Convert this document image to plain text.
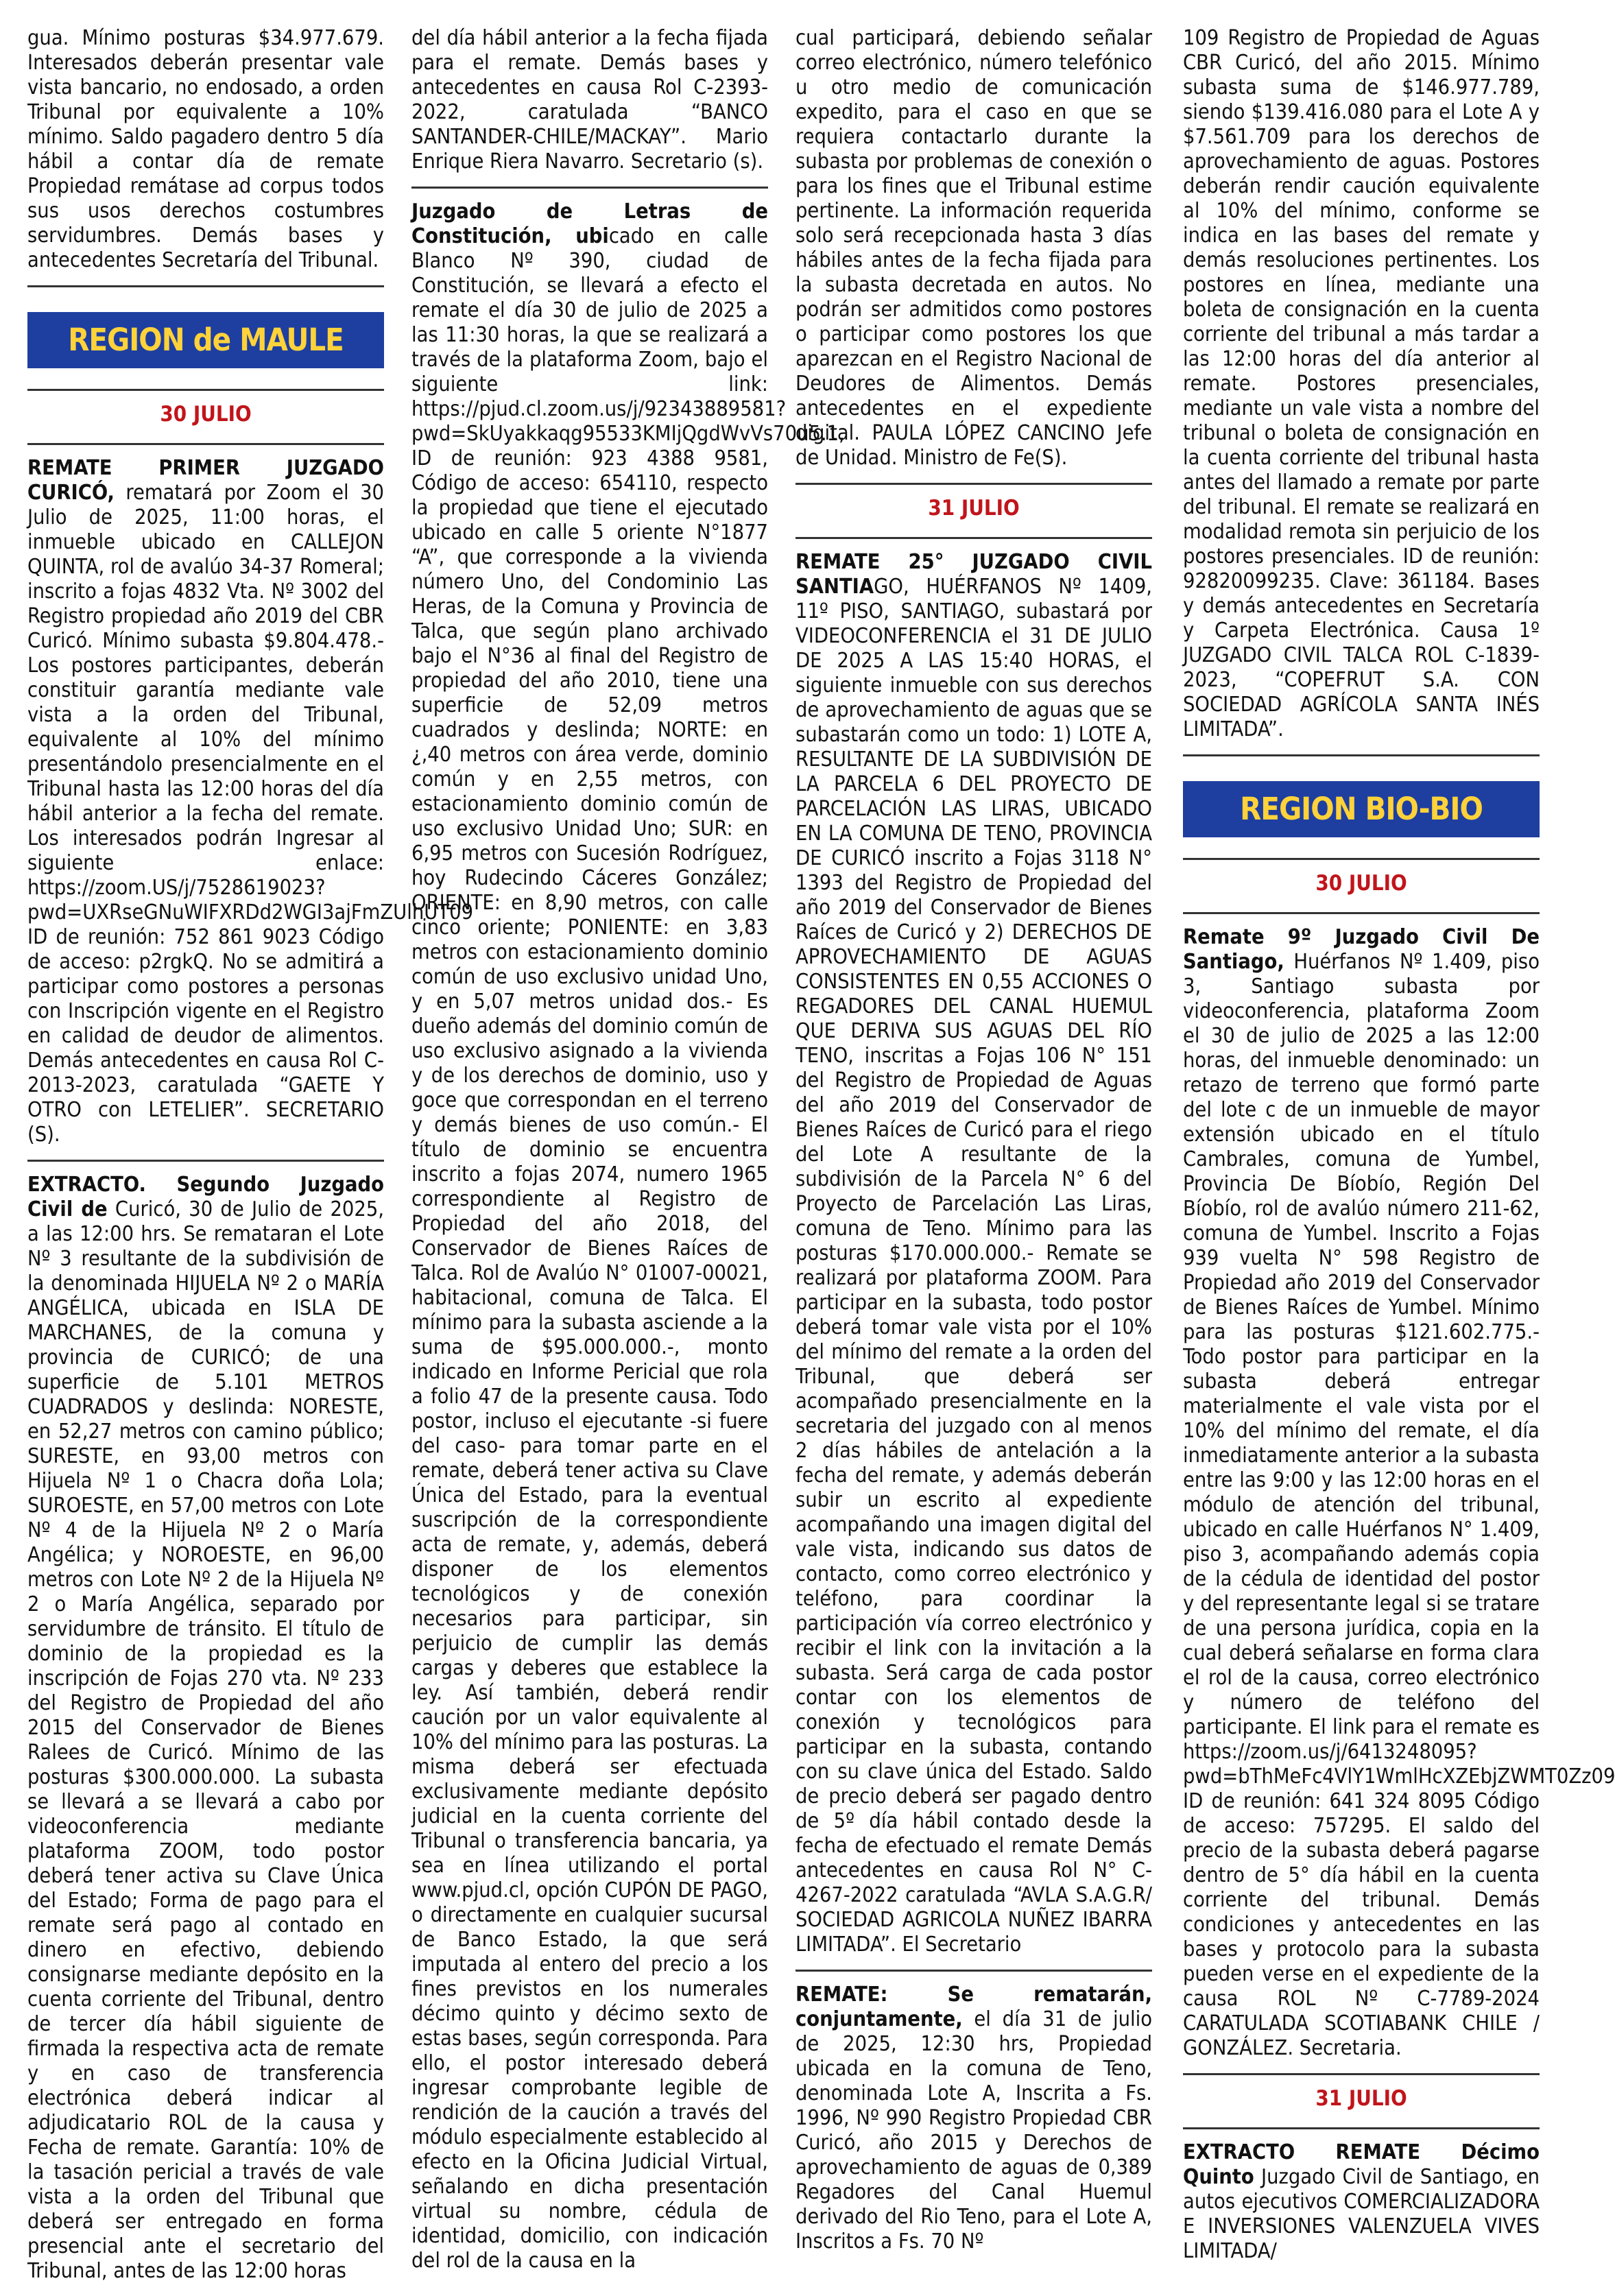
gua. Mínimo posturas $34.977.679. Interesados deberán presentar vale vista bancario, no endosado, a orden Tribunal por equivalente a 10% mínimo. Saldo pagadero dentro 5 día hábil a contar día de remate Propiedad remátase ad corpus todos sus usos derechos costumbres servidumbres. Demás bases y antecedentes Secretaría del Tribunal.

REGION de MAULE
30 JULIO

REMATE PRIMER JUZGADO CURICÓ, rematará por Zoom el 30 Julio de 2025, 11:00 horas, el inmueble ubicado en CALLEJON QUINTA, rol de avalúo 34-37 Romeral; inscrito a fojas 4832 Vta. Nº 3002 del Registro propiedad año 2019 del CBR Curicó. Mínimo subasta $9.804.478.- Los postores participantes, deberán constituir garantía mediante vale vista a la orden del Tribunal, equivalente al 10% del mínimo presentándolo presencialmente en el Tribunal hasta las 12:00 horas del día hábil anterior a la fecha del remate. Los interesados podrán Ingresar al siguiente enlace: https://zoom.US/j/7528619023?pwd=UXRseGNuWIFXRDd2WGI3ajFmZUlhUT09 ID de reunión: 752 861 9023 Código de acceso: p2rgkQ. No se admitirá a participar como postores a personas con Inscripción vigente en el Registro en calidad de deudor de alimentos. Demás antecedentes en causa Rol C-2013-2023, caratulada “GAETE Y OTRO con LETELIER”. SECRETARIO (S).

EXTRACTO. Segundo Juzgado Civil de Curicó, 30 de Julio de 2025, a las 12:00 hrs. Se remataran el Lote Nº 3 resultante de la subdivisión de la denominada HIJUELA Nº 2 o MARÍA ANGÉLICA, ubicada en ISLA DE MARCHANES, de la comuna y provincia de CURICÓ; de una superficie de 5.101 METROS CUADRADOS y deslinda: NORESTE, en 52,27 metros con camino público; SURESTE, en 93,00 metros con Hijuela Nº 1 o Chacra doña Lola; SUROESTE, en 57,00 metros con Lote Nº 4 de la Hijuela Nº 2 o María Angélica; y NOROESTE, en 96,00 metros con Lote Nº 2 de la Hijuela Nº 2 o María Angélica, separado por servidumbre de tránsito. El título de dominio de la propiedad es la inscripción de Fojas 270 vta. Nº 233 del Registro de Propiedad del año 2015 del Conservador de Bienes Ralees de Curicó. Mínimo de las posturas $300.000.000. La subasta se llevará a se llevará a cabo por videoconferencia mediante plataforma ZOOM, todo postor deberá tener activa su Clave Única del Estado; Forma de pago para el remate será pago al contado en dinero en efectivo, debiendo consignarse mediante depósito en la cuenta corriente del Tribunal, dentro de tercer día hábil siguiente de firmada la respectiva acta de remate y en caso de transferencia electrónica deberá indicar al adjudicatario ROL de la causa y Fecha de remate. Garantía: 10% de la tasación pericial a través de vale vista a la orden del Tribunal que deberá ser entregado en forma presencial ante el secretario del Tribunal, antes de las 12:00 horas

del día hábil anterior a la fecha fijada para el remate. Demás bases y antecedentes en causa Rol C-2393-2022, caratulada “BANCO SANTANDER-CHILE/MACKAY”. Mario Enrique Riera Navarro. Secretario (s).

Juzgado de Letras de Constitución, ubicado en calle Blanco Nº 390, ciudad de Constitución, se llevará a efecto el remate el día 30 de julio de 2025 a las 11:30 horas, la que se realizará a través de la plataforma Zoom, bajo el siguiente link: https://pjud.cl.zoom.us/j/92343889581?pwd=SkUyakkaqg95533KMIjQgdWvVs70u5.1, ID de reunión: 923 4388 9581, Código de acceso: 654110, respecto la propiedad que tiene el ejecutado ubicado en calle 5 oriente N°1877 “A”, que corresponde a la vivienda número Uno, del Condominio Las Heras, de la Comuna y Provincia de Talca, que según plano archivado bajo el N°36 al final del Registro de propiedad del año 2010, tiene una superficie de 52,09 metros cuadrados y deslinda; NORTE: en ¿,40 metros con área verde, dominio común y en 2,55 metros, con estacionamiento dominio común de uso exclusivo Unidad Uno; SUR: en 6,95 metros con Sucesión Rodríguez, hoy Rudecindo Cáceres González; ORIENTE: en 8,90 metros, con calle cinco oriente; PONIENTE: en 3,83 metros con estacionamiento dominio común de uso exclusivo unidad Uno, y en 5,07 metros unidad dos.- Es dueño además del dominio común de uso exclusivo asignado a la vivienda y de los derechos de dominio, uso y goce que correspondan en el terreno y demás bienes de uso común.- El título de dominio se encuentra inscrito a fojas 2074, numero 1965 correspondiente al Registro de Propiedad del año 2018, del Conservador de Bienes Raíces de Talca. Rol de Avalúo N° 01007-00021, habitacional, comuna de Talca. El mínimo para la subasta asciende a la suma de $95.000.000.-, monto indicado en Informe Pericial que rola a folio 47 de la presente causa. Todo postor, incluso el ejecutante -si fuere del caso- para tomar parte en el remate, deberá tener activa su Clave Única del Estado, para la eventual suscripción de la correspondiente acta de remate, y, además, deberá disponer de los elementos tecnológicos y de conexión necesarios para participar, sin perjuicio de cumplir las demás cargas y deberes que establece la ley. Así también, deberá rendir caución por un valor equivalente al 10% del mínimo para las posturas. La misma deberá ser efectuada exclusivamente mediante depósito judicial en la cuenta corriente del Tribunal o transferencia bancaria, ya sea en línea utilizando el portal www.pjud.cl, opción CUPÓN DE PAGO, o directamente en cualquier sucursal de Banco Estado, la que será imputada al entero del precio a los fines previstos en los numerales décimo quinto y décimo sexto de estas bases, según corresponda. Para ello, el postor interesado deberá ingresar comprobante legible de rendición de la caución a través del módulo especialmente establecido al efecto en la Oficina Judicial Virtual, señalando en dicha presentación virtual su nombre, cédula de identidad, domicilio, con indicación del rol de la causa en la

cual participará, debiendo señalar correo electrónico, número telefónico u otro medio de comunicación expedito, para el caso en que se requiera contactarlo durante la subasta por problemas de conexión o para los fines que el Tribunal estime pertinente. La información requerida solo será recepcionada hasta 3 días hábiles antes de la fecha fijada para la subasta decretada en autos. No podrán ser admitidos como postores o participar como postores los que aparezcan en el Registro Nacional de Deudores de Alimentos. Demás antecedentes en el expediente digital. PAULA LÓPEZ CANCINO Jefe de Unidad. Ministro de Fe(S).

31 JULIO

REMATE 25° JUZGADO CIVIL SANTIAGO, HUÉRFANOS Nº 1409, 11º PISO, SANTIAGO, subastará por VIDEOCONFERENCIA el 31 DE JULIO DE 2025 A LAS 15:40 HORAS, el siguiente inmueble con sus derechos de aprovechamiento de aguas que se subastarán como un todo: 1) LOTE A, RESULTANTE DE LA SUBDIVISIÓN DE LA PARCELA 6 DEL PROYECTO DE PARCELACIÓN LAS LIRAS, UBICADO EN LA COMUNA DE TENO, PROVINCIA DE CURICÓ inscrito a Fojas 3118 N° 1393 del Registro de Propiedad del año 2019 del Conservador de Bienes Raíces de Curicó y 2) DERECHOS DE APROVECHAMIENTO DE AGUAS CONSISTENTES EN 0,55 ACCIONES O REGADORES DEL CANAL HUEMUL QUE DERIVA SUS AGUAS DEL RÍO TENO, inscritas a Fojas 106 N° 151 del Registro de Propiedad de Aguas del año 2019 del Conservador de Bienes Raíces de Curicó para el riego del Lote A resultante de la subdivisión de la Parcela N° 6 del Proyecto de Parcelación Las Liras, comuna de Teno. Mínimo para las posturas $170.000.000.- Remate se realizará por plataforma ZOOM. Para participar en la subasta, todo postor deberá tomar vale vista por el 10% del mínimo del remate a la orden del Tribunal, que deberá ser acompañado presencialmente en la secretaria del juzgado con al menos 2 días hábiles de antelación a la fecha del remate, y además deberán subir un escrito al expediente acompañando una imagen digital del vale vista, indicando sus datos de contacto, como correo electrónico y teléfono, para coordinar la participación vía correo electrónico y recibir el link con la invitación a la subasta. Será carga de cada postor contar con los elementos de conexión y tecnológicos para participar en la subasta, contando con su clave única del Estado. Saldo de precio deberá ser pagado dentro de 5º día hábil contado desde la fecha de efectuado el remate Demás antecedentes en causa Rol N° C-4267-2022 caratulada “AVLA S.A.G.R/ SOCIEDAD AGRICOLA NUÑEZ IBARRA LIMITADA”. El Secretario

REMATE: Se rematarán, conjuntamente, el día 31 de julio de 2025, 12:30 hrs, Propiedad ubicada en la comuna de Teno, denominada Lote A, Inscrita a Fs. 1996, Nº 990 Registro Propiedad CBR Curicó, año 2015 y Derechos de aprovechamiento de aguas de 0,389 Regadores del Canal Huemul derivado del Rio Teno, para el Lote A, Inscritos a Fs. 70 Nº

109 Registro de Propiedad de Aguas CBR Curicó, del año 2015. Mínimo subasta suma de $146.977.789, siendo $139.416.080 para el Lote A y $7.561.709 para los derechos de aprovechamiento de aguas. Postores deberán rendir caución equivalente al 10% del mínimo, conforme se indica en las bases del remate y demás resoluciones pertinentes. Los postores en línea, mediante una boleta de consignación en la cuenta corriente del tribunal a más tardar a las 12:00 horas del día anterior al remate. Postores presenciales, mediante un vale vista a nombre del tribunal o boleta de consignación en la cuenta corriente del tribunal hasta antes del llamado a remate por parte del tribunal. El remate se realizará en modalidad remota sin perjuicio de los postores presenciales. ID de reunión: 92820099235. Clave: 361184. Bases y demás antecedentes en Secretaría y Carpeta Electrónica. Causa 1º JUZGADO CIVIL TALCA ROL C-1839-2023, “COPEFRUT S.A. CON SOCIEDAD AGRÍCOLA SANTA INÉS LIMITADA”.

REGION BIO-BIO
30 JULIO

Remate 9º Juzgado Civil De Santiago, Huérfanos Nº 1.409, piso 3, Santiago subasta por videoconferencia, plataforma Zoom el 30 de julio de 2025 a las 12:00 horas, del inmueble denominado: un retazo de terreno que formó parte del lote c de un inmueble de mayor extensión ubicado en el título Cambrales, comuna de Yumbel, Provincia De Bíobío, Región Del Bíobío, rol de avalúo número 211-62, comuna de Yumbel. Inscrito a Fojas 939 vuelta N° 598 Registro de Propiedad año 2019 del Conservador de Bienes Raíces de Yumbel. Mínimo para las posturas $121.602.775.- Todo postor para participar en la subasta deberá entregar materialmente el vale vista por el 10% del mínimo del remate, el día inmediatamente anterior a la subasta entre las 9:00 y las 12:00 horas en el módulo de atención del tribunal, ubicado en calle Huérfanos N° 1.409, piso 3, acompañando además copia de la cédula de identidad del postor y del representante legal si se tratare de una persona jurídica, copia en la cual deberá señalarse en forma clara el rol de la causa, correo electrónico y número de teléfono del participante. El link para el remate es https://zoom.us/j/6413248095?pwd=bThMeFc4VlY1WmlHcXZEbjZWMT0Zz09 ID de reunión: 641 324 8095 Código de acceso: 757295. El saldo del precio de la subasta deberá pagarse dentro de 5° día hábil en la cuenta corriente del tribunal. Demás condiciones y antecedentes en las bases y protocolo para la subasta pueden verse en el expediente de la causa ROL Nº C-7789-2024 CARATULADA SCOTIABANK CHILE / GONZÁLEZ. Secretaria.

31 JULIO

EXTRACTO REMATE Décimo Quinto Juzgado Civil de Santiago, en autos ejecutivos COMERCIALIZADORA E INVERSIONES VALENZUELA VIVES LIMITADA/
